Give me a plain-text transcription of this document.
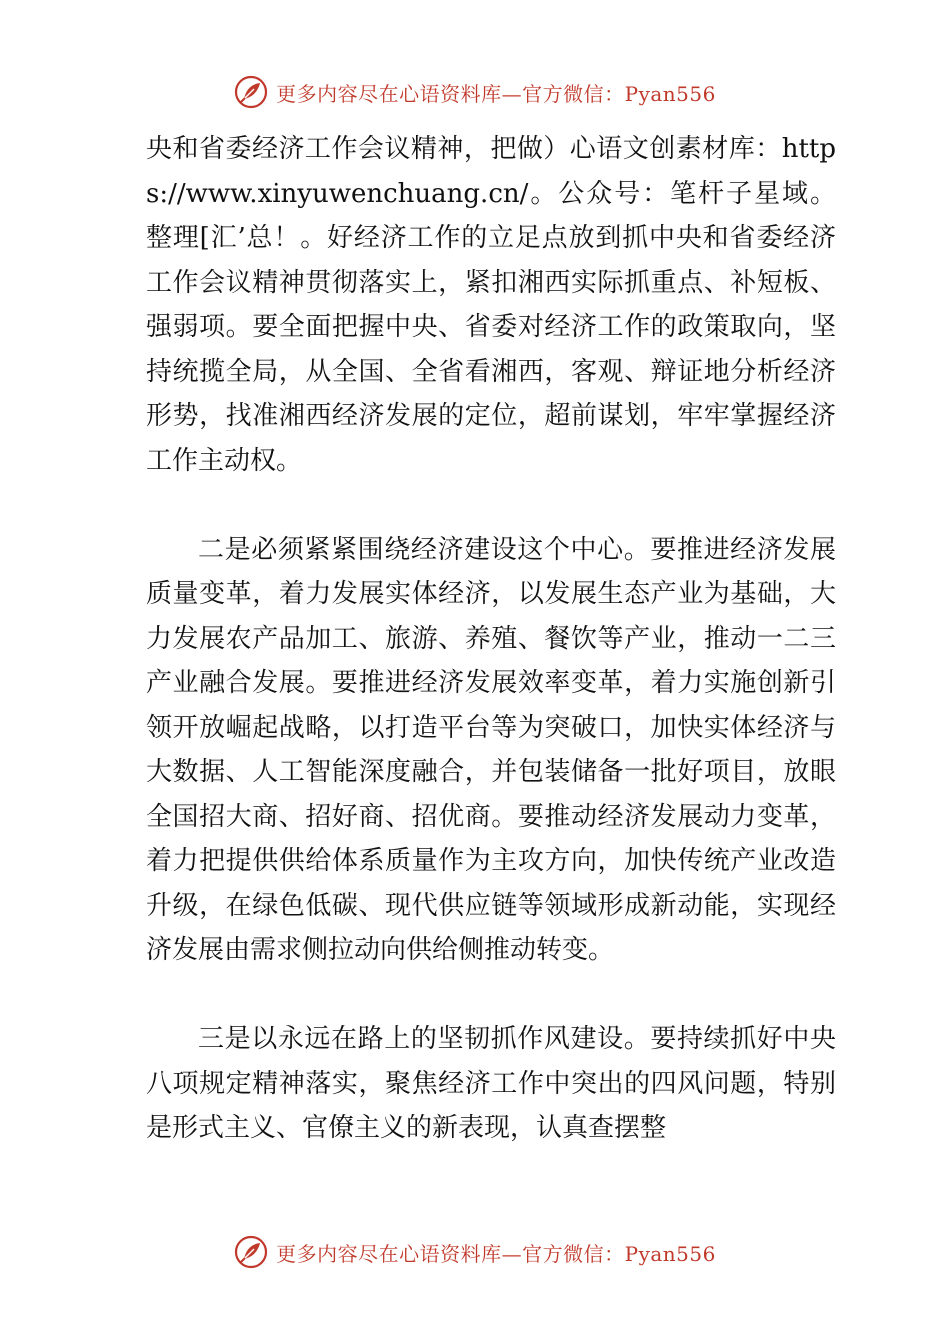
更多内容尽在心语资料库—官方微信：Pyan556

央和省委经济工作会议精神，把做）心语文创素材库：https://www.xinyuwenchuang.cn/。公众号：笔杆子星域。整理[汇’总！。好经济工作的立足点放到抓中央和省委经济工作会议精神贯彻落实上，紧扣湘西实际抓重点、补短板、强弱项。要全面把握中央、省委对经济工作的政策取向，坚持统揽全局，从全国、全省看湘西，客观、辩证地分析经济形势，找准湘西经济发展的定位，超前谋划，牢牢掌握经济工作主动权。

二是必须紧紧围绕经济建设这个中心。要推进经济发展质量变革，着力发展实体经济，以发展生态产业为基础，大力发展农产品加工、旅游、养殖、餐饮等产业，推动一二三产业融合发展。要推进经济发展效率变革，着力实施创新引领开放崛起战略，以打造平台等为突破口，加快实体经济与大数据、人工智能深度融合，并包装储备一批好项目，放眼全国招大商、招好商、招优商。要推动经济发展动力变革，着力把提供供给体系质量作为主攻方向，加快传统产业改造升级，在绿色低碳、现代供应链等领域形成新动能，实现经济发展由需求侧拉动向供给侧推动转变。

三是以永远在路上的坚韧抓作风建设。要持续抓好中央八项规定精神落实，聚焦经济工作中突出的四风问题，特别是形式主义、官僚主义的新表现，认真查摆整

更多内容尽在心语资料库—官方微信：Pyan556
